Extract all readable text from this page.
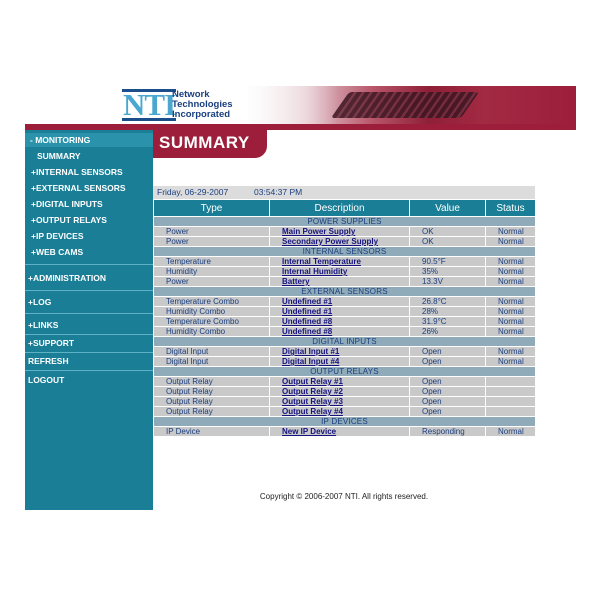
NTI
Network
Technologies
Incorporated
- MONITORING
SUMMARY
+INTERNAL SENSORS
+EXTERNAL SENSORS
+DIGITAL INPUTS
+OUTPUT RELAYS
+IP DEVICES
+WEB CAMS
+ADMINISTRATION
+LOG
+LINKS
+SUPPORT
REFRESH
LOGOUT
SUMMARY
Friday, 06-29-2007	03:54:37 PM
Type	Description	Value	Status
POWER SUPPLIES			
Power	Main Power Supply	OK	Normal
Power	Secondary Power Supply	OK	Normal
INTERNAL SENSORS			
Temperature	Internal Temperature	90.5°F	Normal
Humidity	Internal Humidity	35%	Normal
Power	Battery	13.3V	Normal
EXTERNAL SENSORS			
Temperature Combo	Undefined #1	26.8°C	Normal
Humidity Combo	Undefined #1	28%	Normal
Temperature Combo	Undefined #8	31.9°C	Normal
Humidity Combo	Undefined #8	26%	Normal
DIGITAL INPUTS			
Digital Input	Digital Input #1	Open	Normal
Digital Input	Digital Input #4	Open	Normal
OUTPUT RELAYS			
Output Relay	Output Relay #1	Open	
Output Relay	Output Relay #2	Open	
Output Relay	Output Relay #3	Open	
Output Relay	Output Relay #4	Open	
IP DEVICES			
IP Device	New IP Device	Responding	Normal
Copyright © 2006-2007 NTI. All rights reserved.
